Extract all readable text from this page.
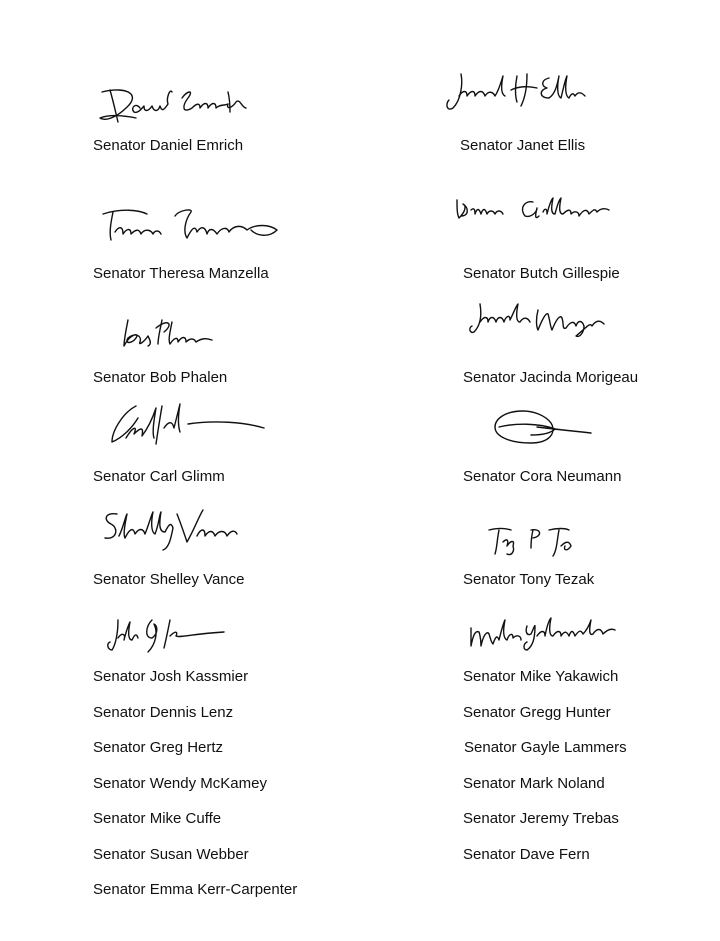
Senator Daniel Emrich
Senator Theresa Manzella
Senator Bob Phalen
Senator Carl Glimm
Senator Shelley Vance
Senator Josh Kassmier
Senator Dennis Lenz
Senator Greg Hertz
Senator Wendy McKamey
Senator Mike Cuffe
Senator Susan Webber
Senator Emma Kerr-Carpenter
Senator Janet Ellis
Senator Butch Gillespie
Senator Jacinda Morigeau
Senator Cora Neumann
Senator Tony Tezak
Senator Mike Yakawich
Senator Gregg Hunter
Senator Gayle Lammers
Senator Mark Noland
Senator Jeremy Trebas
Senator Dave Fern
